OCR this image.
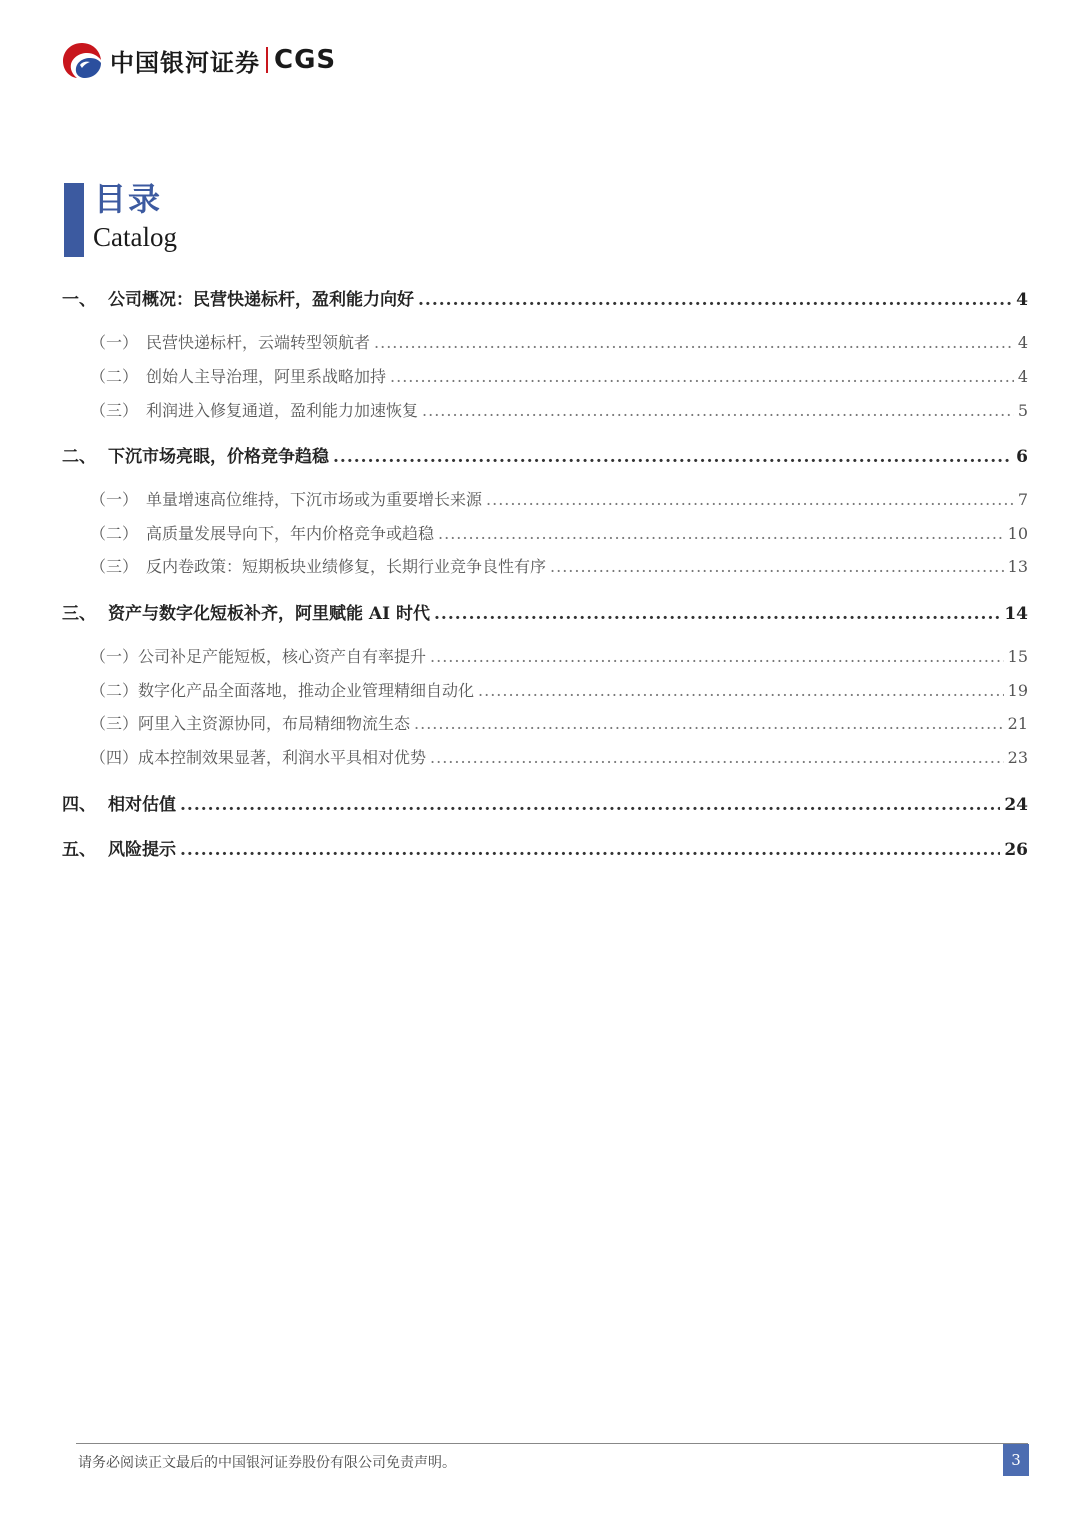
中国银河证券 CGS
目录
Catalog
一、 公司概况：民营快递标杆，盈利能力向好 .....	4
（一） 民营快递标杆，云端转型领航者 .....	4
（二） 创始人主导治理，阿里系战略加持 .....	4
（三） 利润进入修复通道，盈利能力加速恢复 .....	5
二、 下沉市场亮眼，价格竞争趋稳 .....	6
（一） 单量增速高位维持，下沉市场或为重要增长来源 .....	7
（二） 高质量发展导向下，年内价格竞争或趋稳 .....	10
（三） 反内卷政策：短期板块业绩修复，长期行业竞争良性有序 .....	13
三、 资产与数字化短板补齐，阿里赋能 AI 时代 .....	14
（一） 公司补足产能短板，核心资产自有率提升 .....	15
（二） 数字化产品全面落地，推动企业管理精细自动化 .....	19
（三） 阿里入主资源协同，布局精细物流生态 .....	21
（四） 成本控制效果显著，利润水平具相对优势 .....	23
四、 相对估值 .....	24
五、 风险提示 .....	26
请务必阅读正文最后的中国银河证券股份有限公司免责声明。	3
